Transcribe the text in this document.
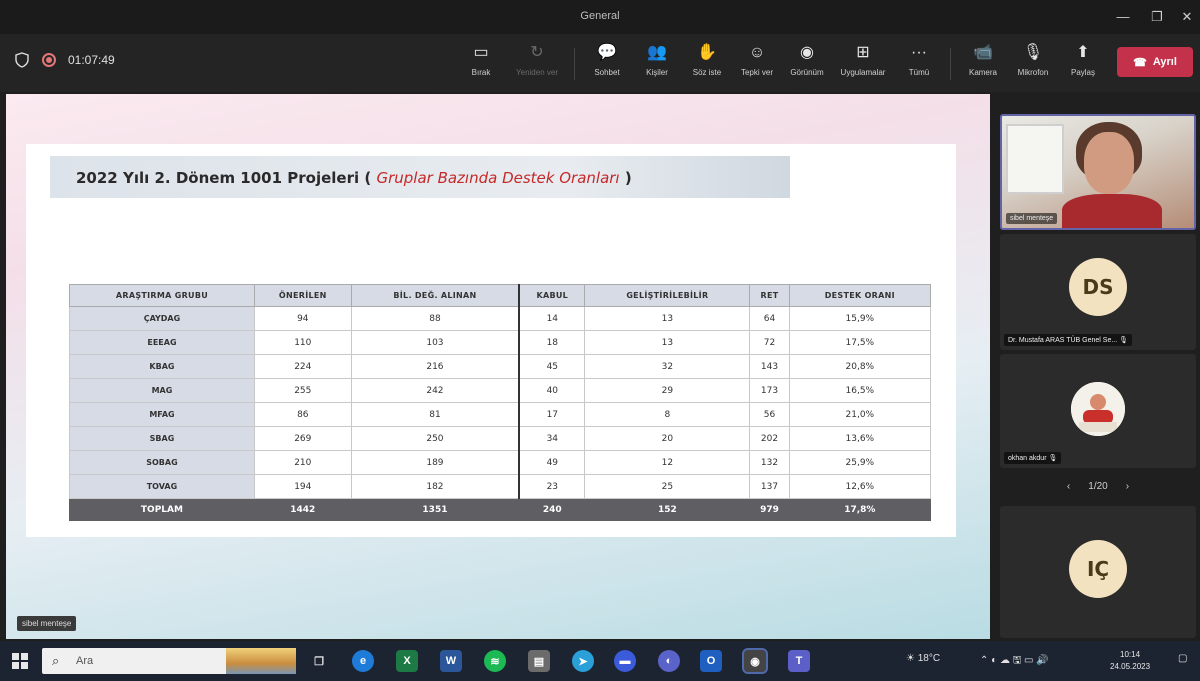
General	—	❐	✕
01:07:49	▭
Bırak
↻
Yeniden ver
💬
Sohbet
👥
Kişiler
✋
Söz iste
☺
Tepki ver
◉
Görünüm
⊞
Uygulamalar
···
Tümü
📹
Kamera
🎙
Mikrofon
⬆
Paylaş
☎ Ayrıl
2022 Yılı 2. Dönem 1001 Projeleri ( Gruplar Bazında Destek Oranları )
ARAŞTIRMA GRUBU	ÖNERİLEN	BİL. DEĞ. ALINAN	KABUL	GELİŞTİRİLEBİLİR	RET	DESTEK ORANI
ÇAYDAG	94	88	14	13	64	15,9%
EEEAG	110	103	18	13	72	17,5%
KBAG	224	216	45	32	143	20,8%
MAG	255	242	40	29	173	16,5%
MFAG	86	81	17	8	56	21,0%
SBAG	269	250	34	20	202	13,6%
SOBAG	210	189	49	12	132	25,9%
TOVAG	194	182	23	25	137	12,6%
TOPLAM	1442	1351	240	152	979	17,8%
sibel menteşe
sibel menteşe
DS
Dr. Mustafa ARAS TÜB Genel Se... 🎙
okhan akdur 🎙
‹ 1/20 ›
IÇ
⌕ Ara	❐	e	X	W	≋	▤	➤	▬	◐	O	◉	T	☀ 18°C	⌃ ◐ ☁ 🖫 ▭ 🔊
10:14
24.05.2023
▢
